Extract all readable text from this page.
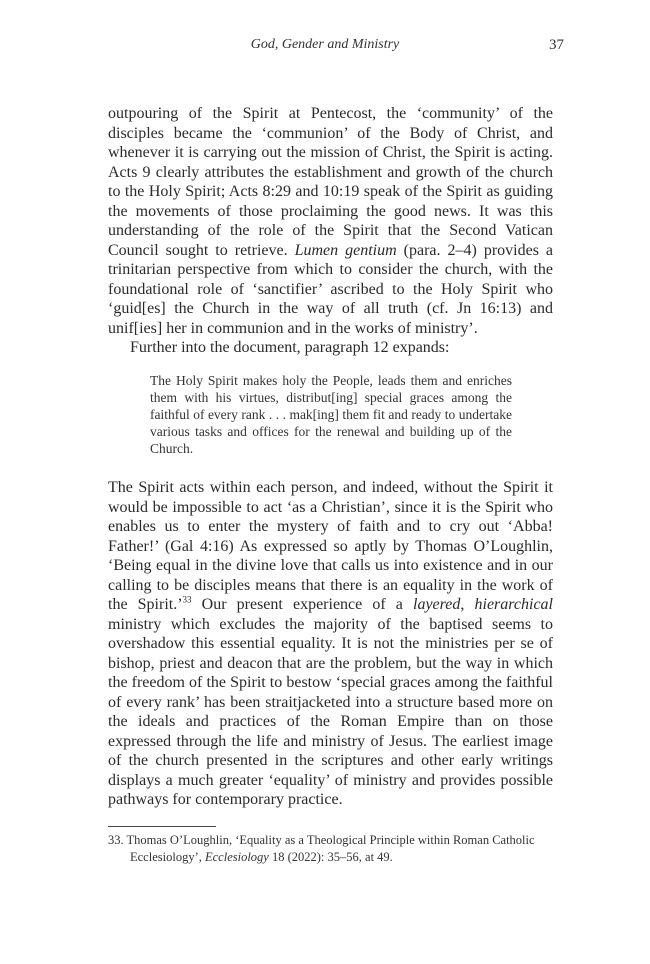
God, Gender and Ministry	37

outpouring of the Spirit at Pentecost, the ‘community’ of the disciples became the ‘communion’ of the Body of Christ, and whenever it is carrying out the mission of Christ, the Spirit is acting. Acts 9 clearly attributes the establishment and growth of the church to the Holy Spirit; Acts 8:29 and 10:19 speak of the Spirit as guiding the movements of those proclaiming the good news. It was this understanding of the role of the Spirit that the Second Vatican Council sought to retrieve. Lumen gentium (para. 2–4) provides a trinitarian perspective from which to consider the church, with the foundational role of ‘sanctifier’ ascribed to the Holy Spirit who ‘guid[es] the Church in the way of all truth (cf. Jn 16:13) and unif[ies] her in communion and in the works of ministry’.

Further into the document, paragraph 12 expands:

The Holy Spirit makes holy the People, leads them and enriches them with his virtues, distribut[ing] special graces among the faithful of every rank . . . mak[ing] them fit and ready to undertake various tasks and offices for the renewal and building up of the Church.

The Spirit acts within each person, and indeed, without the Spirit it would be impossible to act ‘as a Christian’, since it is the Spirit who enables us to enter the mystery of faith and to cry out ‘Abba! Father!’ (Gal 4:16) As expressed so aptly by Thomas O’Loughlin, ‘Being equal in the divine love that calls us into existence and in our calling to be disciples means that there is an equality in the work of the Spirit.’$^{33}$ Our present experience of a layered, hierarchical ministry which excludes the majority of the baptised seems to overshadow this essential equality. It is not the ministries per se of bishop, priest and deacon that are the problem, but the way in which the freedom of the Spirit to bestow ‘special graces among the faithful of every rank’ has been straitjacketed into a structure based more on the ideals and practices of the Roman Empire than on those expressed through the life and ministry of Jesus. The earliest image of the church presented in the scriptures and other early writings displays a much greater ‘equality’ of ministry and provides possible pathways for contemporary practice.

33. Thomas O’Loughlin, ‘Equality as a Theological Principle within Roman Catholic Ecclesiology’, Ecclesiology 18 (2022): 35–56, at 49.
